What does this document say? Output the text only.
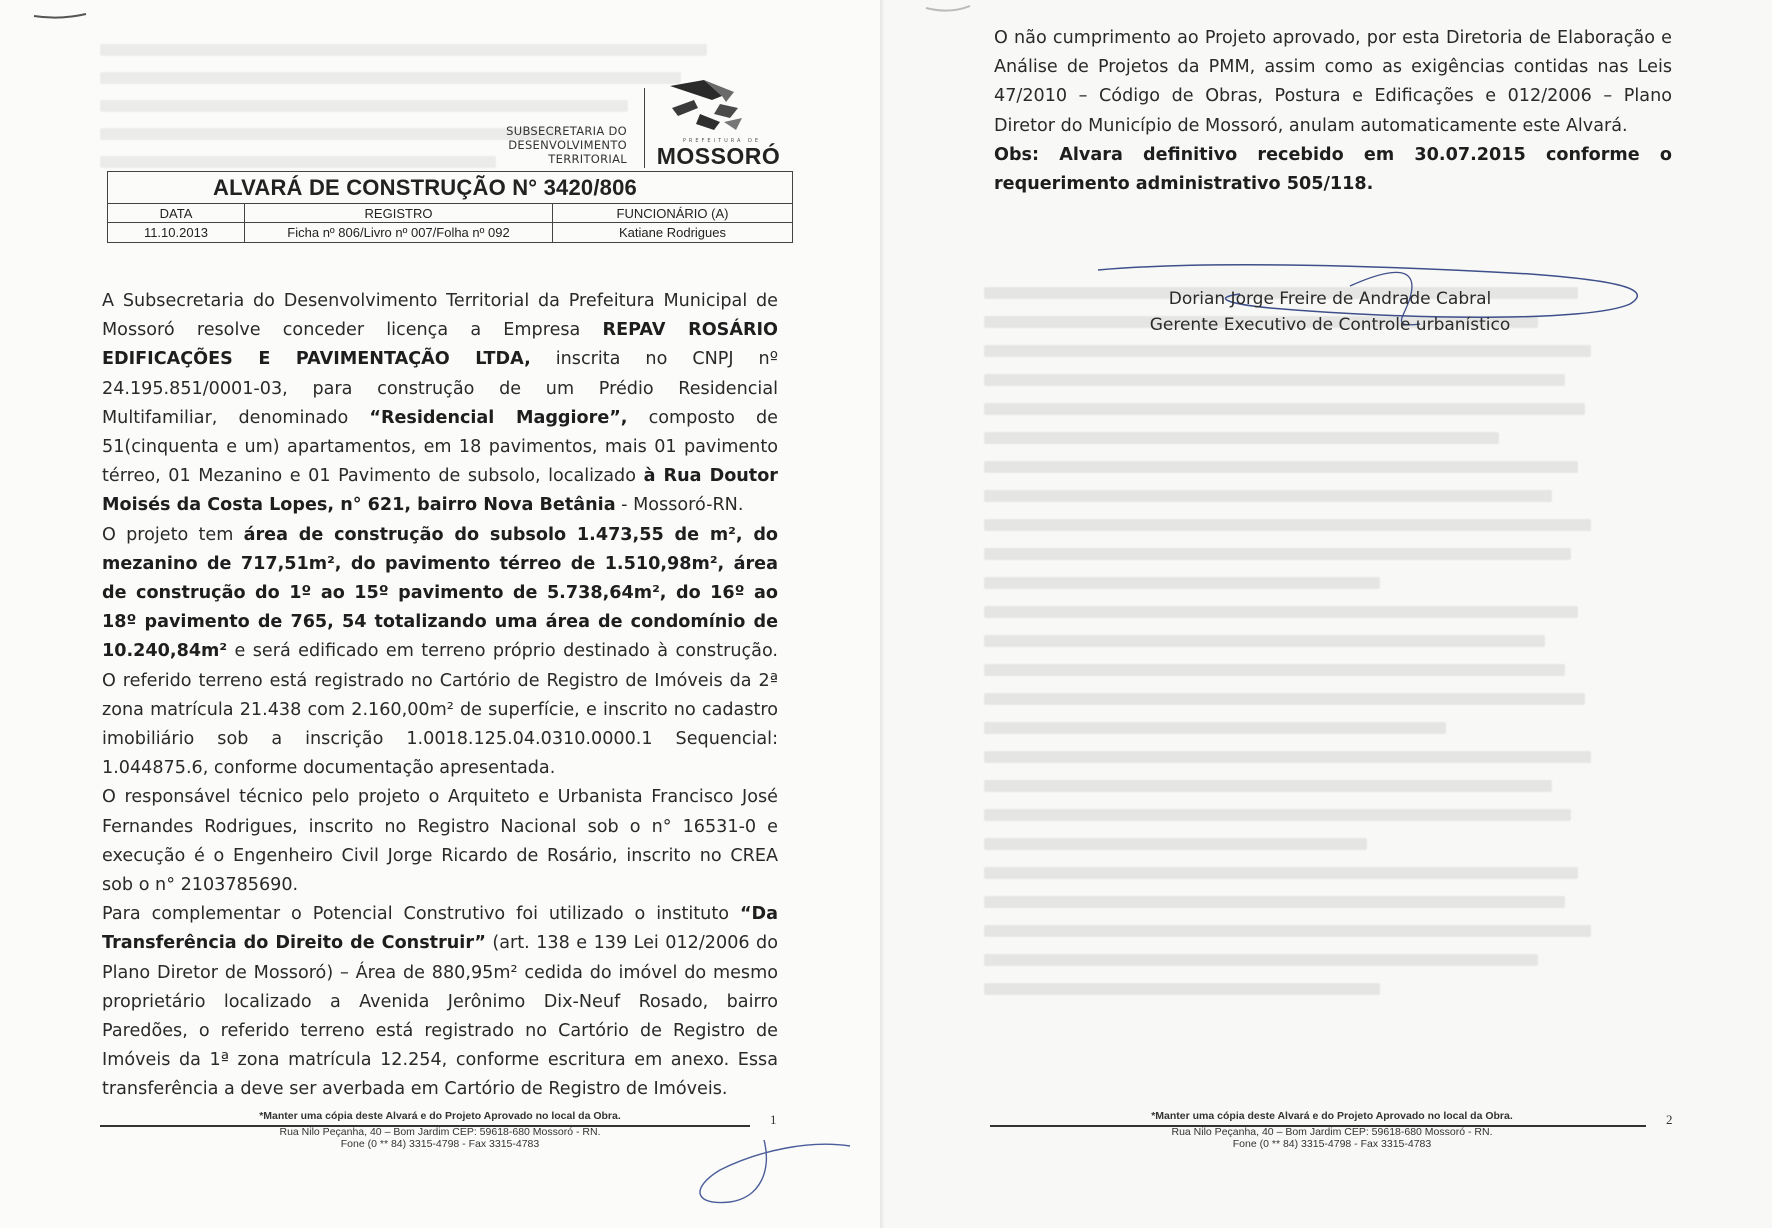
SUBSECRETARIA DO
DESENVOLVIMENTO
TERRITORIAL
PREFEITURA DE
MOSSORÓ
ALVARÁ DE CONSTRUÇÃO N° 3420/806		
DATA	REGISTRO	FUNCIONÁRIO (A)
11.10.2013	Ficha nº 806/Livro nº 007/Folha nº 092	Katiane Rodrigues

A Subsecretaria do Desenvolvimento Territorial da Prefeitura Municipal de Mossoró resolve conceder licença a Empresa REPAV ROSÁRIO EDIFICAÇÕES E PAVIMENTAÇÃO LTDA, inscrita no CNPJ nº 24.195.851/0001-03, para construção de um Prédio Residencial Multifamiliar, denominado “Residencial Maggiore”, composto de 51(cinquenta e um) apartamentos, em 18 pavimentos, mais 01 pavimento térreo, 01 Mezanino e 01 Pavimento de subsolo, localizado à Rua Doutor Moisés da Costa Lopes, n° 621, bairro Nova Betânia - Mossoró-RN.

O projeto tem área de construção do subsolo 1.473,55 de m², do mezanino de 717,51m², do pavimento térreo de 1.510,98m², área de construção do 1º ao 15º pavimento de 5.738,64m², do 16º ao 18º pavimento de 765, 54 totalizando uma área de condomínio de 10.240,84m² e será edificado em terreno próprio destinado à construção. O referido terreno está registrado no Cartório de Registro de Imóveis da 2ª zona matrícula 21.438 com 2.160,00m² de superfície, e inscrito no cadastro imobiliário sob a inscrição 1.0018.125.04.0310.0000.1 Sequencial: 1.044875.6, conforme documentação apresentada.

O responsável técnico pelo projeto o Arquiteto e Urbanista Francisco José Fernandes Rodrigues, inscrito no Registro Nacional sob o n° 16531-0 e execução é o Engenheiro Civil Jorge Ricardo de Rosário, inscrito no CREA sob o n° 2103785690.

Para complementar o Potencial Construtivo foi utilizado o instituto “Da Transferência do Direito de Construir” (art. 138 e 139 Lei 012/2006 do Plano Diretor de Mossoró) – Área de 880,95m² cedida do imóvel do mesmo proprietário localizado a Avenida Jerônimo Dix-Neuf Rosado, bairro Paredões, o referido terreno está registrado no Cartório de Registro de Imóveis da 1ª zona matrícula 12.254, conforme escritura em anexo. Essa transferência a deve ser averbada em Cartório de Registro de Imóveis.

1
*Manter uma cópia deste Alvará e do Projeto Aprovado no local da Obra.
Rua Nilo Peçanha, 40 – Bom Jardim CEP: 59618-680 Mossoró - RN.
Fone (0 ** 84) 3315-4798 - Fax 3315-4783

O não cumprimento ao Projeto aprovado, por esta Diretoria de Elaboração e Análise de Projetos da PMM, assim como as exigências contidas nas Leis 47/2010 – Código de Obras, Postura e Edificações e 012/2006 – Plano Diretor do Município de Mossoró, anulam automaticamente este Alvará.

Obs: Alvara definitivo recebido em 30.07.2015 conforme o requerimento administrativo 505/118.

Dorian Jorge Freire de Andrade Cabral
Gerente Executivo de Controle urbanístico
2
*Manter uma cópia deste Alvará e do Projeto Aprovado no local da Obra.
Rua Nilo Peçanha, 40 – Bom Jardim CEP: 59618-680 Mossoró - RN.
Fone (0 ** 84) 3315-4798 - Fax 3315-4783
